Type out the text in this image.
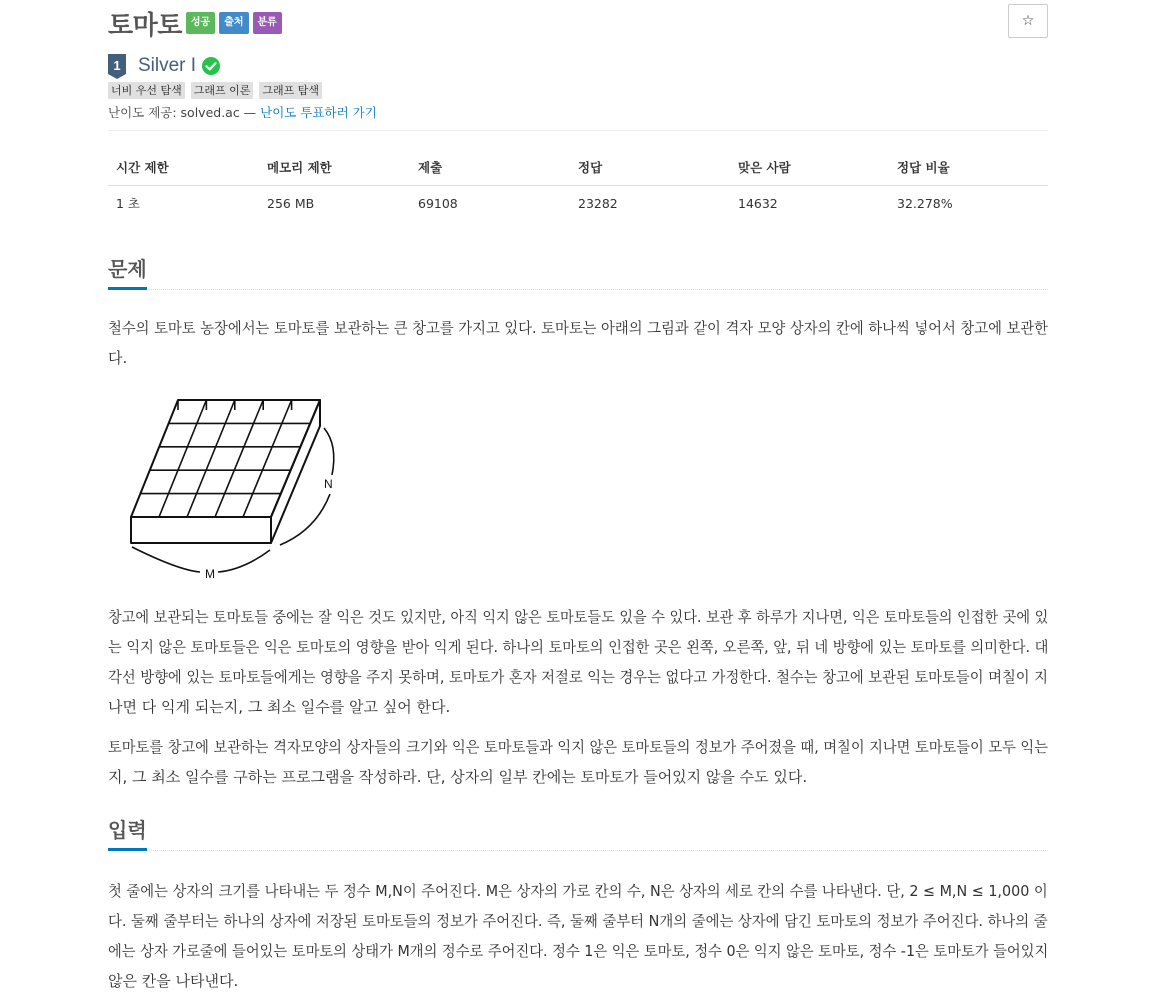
토마토 성공	출처	분류	☆
1 Silver I
너비 우선 탐색 그래프 이론 그래프 탐색
난이도 제공: solved.ac — 난이도 투표하러 가기
시간 제한	메모리 제한	제출	정답	맞은 사람	정답 비율
1 초	256 MB	69108	23282	14632	32.278%
문제
철수의 토마토 농장에서는 토마토를 보관하는 큰 창고를 가지고 있다. 토마토는 아래의 그림과 같이 격자 모양 상자의 칸에 하나씩 넣어서 창고에 보관한
다.
M
N
창고에 보관되는 토마토들 중에는 잘 익은 것도 있지만, 아직 익지 않은 토마토들도 있을 수 있다. 보관 후 하루가 지나면, 익은 토마토들의 인접한 곳에 있
는 익지 않은 토마토들은 익은 토마토의 영향을 받아 익게 된다. 하나의 토마토의 인접한 곳은 왼쪽, 오른쪽, 앞, 뒤 네 방향에 있는 토마토를 의미한다. 대
각선 방향에 있는 토마토들에게는 영향을 주지 못하며, 토마토가 혼자 저절로 익는 경우는 없다고 가정한다. 철수는 창고에 보관된 토마토들이 며칠이 지
나면 다 익게 되는지, 그 최소 일수를 알고 싶어 한다.
토마토를 창고에 보관하는 격자모양의 상자들의 크기와 익은 토마토들과 익지 않은 토마토들의 정보가 주어졌을 때, 며칠이 지나면 토마토들이 모두 익는
지, 그 최소 일수를 구하는 프로그램을 작성하라. 단, 상자의 일부 칸에는 토마토가 들어있지 않을 수도 있다.
입력
첫 줄에는 상자의 크기를 나타내는 두 정수 M,N이 주어진다. M은 상자의 가로 칸의 수, N은 상자의 세로 칸의 수를 나타낸다. 단, 2 ≤ M,N ≤ 1,000 이
다. 둘째 줄부터는 하나의 상자에 저장된 토마토들의 정보가 주어진다. 즉, 둘째 줄부터 N개의 줄에는 상자에 담긴 토마토의 정보가 주어진다. 하나의 줄
에는 상자 가로줄에 들어있는 토마토의 상태가 M개의 정수로 주어진다. 정수 1은 익은 토마토, 정수 0은 익지 않은 토마토, 정수 -1은 토마토가 들어있지
않은 칸을 나타낸다.
